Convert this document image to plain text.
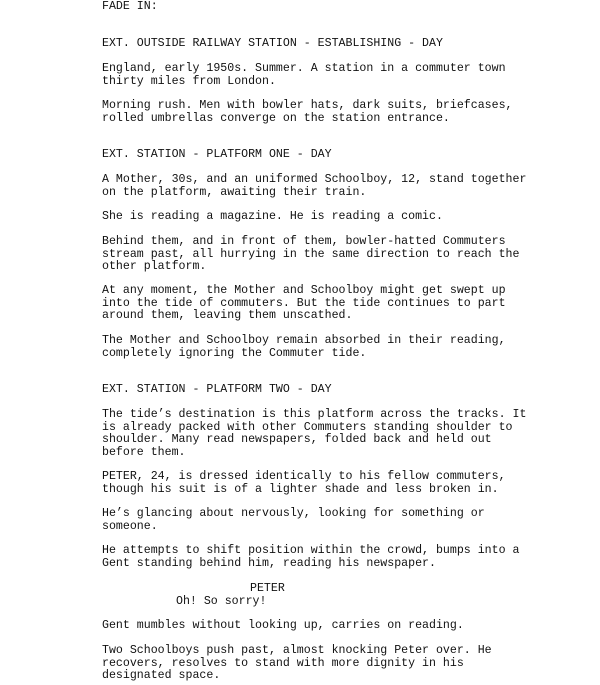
FADE IN:
EXT. OUTSIDE RAILWAY STATION - ESTABLISHING - DAY
England, early 1950s. Summer. A station in a commuter town
thirty miles from London.
Morning rush. Men with bowler hats, dark suits, briefcases,
rolled umbrellas converge on the station entrance.
EXT. STATION - PLATFORM ONE - DAY
A Mother, 30s, and an uniformed Schoolboy, 12, stand together
on the platform, awaiting their train.
She is reading a magazine. He is reading a comic.
Behind them, and in front of them, bowler-hatted Commuters
stream past, all hurrying in the same direction to reach the
other platform.
At any moment, the Mother and Schoolboy might get swept up
into the tide of commuters. But the tide continues to part
around them, leaving them unscathed.
The Mother and Schoolboy remain absorbed in their reading,
completely ignoring the Commuter tide.
EXT. STATION - PLATFORM TWO - DAY
The tide’s destination is this platform across the tracks. It
is already packed with other Commuters standing shoulder to
shoulder. Many read newspapers, folded back and held out
before them.
PETER, 24, is dressed identically to his fellow commuters,
though his suit is of a lighter shade and less broken in.
He’s glancing about nervously, looking for something or
someone.
He attempts to shift position within the crowd, bumps into a
Gent standing behind him, reading his newspaper.
PETER
Oh! So sorry!
Gent mumbles without looking up, carries on reading.
Two Schoolboys push past, almost knocking Peter over. He
recovers, resolves to stand with more dignity in his
designated space.
